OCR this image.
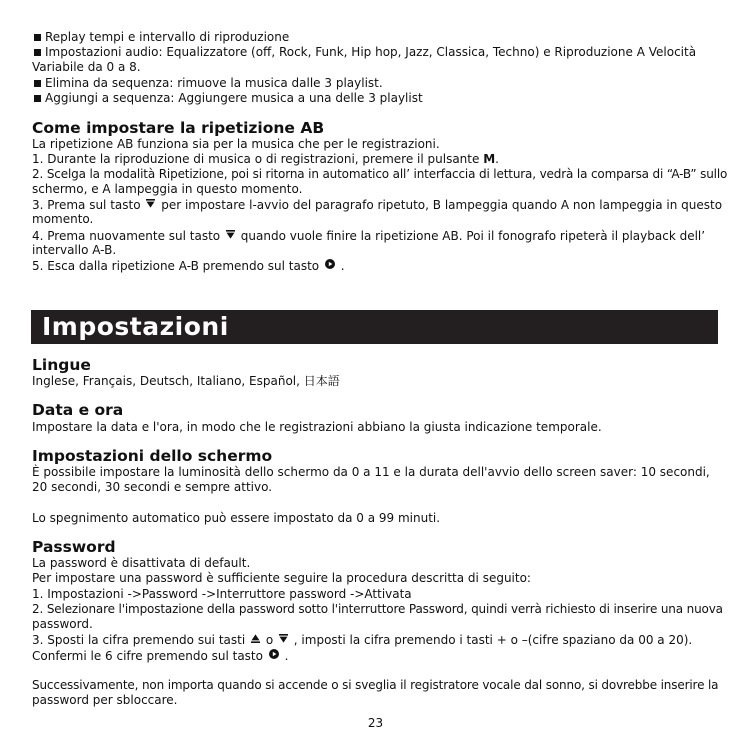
Replay tempi e intervallo di riproduzione
Impostazioni audio: Equalizzatore (off, Rock, Funk, Hip hop, Jazz, Classica, Techno) e Riproduzione A Velocità
Variabile da 0 a 8.
Elimina da sequenza: rimuove la musica dalle 3 playlist.
Aggiungi a sequenza: Aggiungere musica a una delle 3 playlist
Come impostare la ripetizione AB
La ripetizione AB funziona sia per la musica che per le registrazioni.
1. Durante la riproduzione di musica o di registrazioni, premere il pulsante M.
2. Scelga la modalità Ripetizione, poi si ritorna in automatico all’ interfaccia di lettura, vedrà la comparsa di “A-B” sullo
schermo, e A lampeggia in questo momento.
3. Prema sul tasto  per impostare l-avvio del paragrafo ripetuto, B lampeggia quando A non lampeggia in questo
momento.
4. Prema nuovamente sul tasto  quando vuole finire la ripetizione AB. Poi il fonografo ripeterà il playback dell’
intervallo A-B.
5. Esca dalla ripetizione A-B premendo sul tasto  .
Impostazioni
Lingue
Inglese, Français, Deutsch, Italiano, Español, 日本語
Data e ora
Impostare la data e l'ora, in modo che le registrazioni abbiano la giusta indicazione temporale.
Impostazioni dello schermo
È possibile impostare la luminosità dello schermo da 0 a 11 e la durata dell'avvio dello screen saver: 10 secondi,
20 secondi, 30 secondi e sempre attivo.
Lo spegnimento automatico può essere impostato da 0 a 99 minuti.
Password
La password è disattivata di default.
Per impostare una password è sufficiente seguire la procedura descritta di seguito:
1. Impostazioni ->Password ->Interruttore password ->Attivata
2. Selezionare l'impostazione della password sotto l'interruttore Password, quindi verrà richiesto di inserire una nuova
password.
3. Sposti la cifra premendo sui tasti  o  , imposti la cifra premendo i tasti + o –(cifre spaziano da 00 a 20).
Confermi le 6 cifre premendo sul tasto  .
Successivamente, non importa quando si accende o si sveglia il registratore vocale dal sonno, si dovrebbe inserire la
password per sbloccare.
23
